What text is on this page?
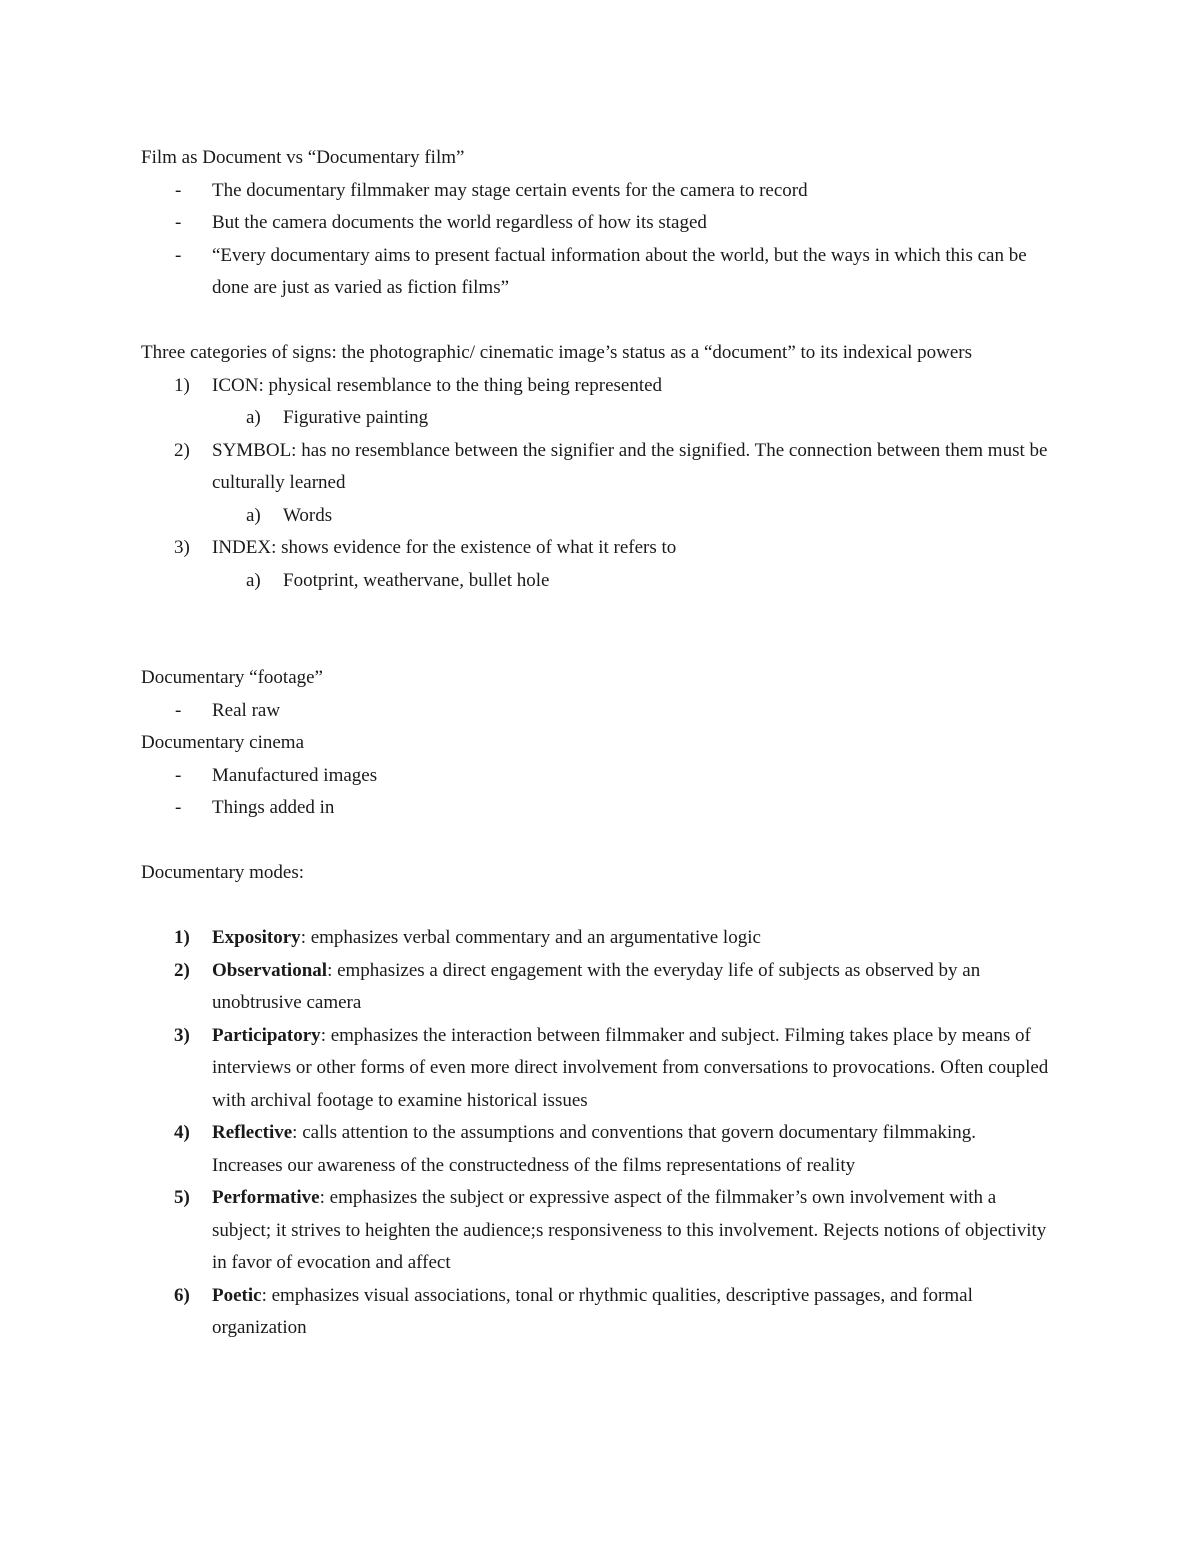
Film as Document vs “Documentary film”
- The documentary filmmaker may stage certain events for the camera to record
- But the camera documents the world regardless of how its staged
- “Every documentary aims to present factual information about the world, but the ways in which this can be done are just as varied as fiction films”
Three categories of signs: the photographic/ cinematic image’s status as a “document” to its indexical powers
1) ICON: physical resemblance to the thing being represented
a) Figurative painting
2) SYMBOL: has no resemblance between the signifier and the signified. The connection between them must be culturally learned
a) Words
3) INDEX: shows evidence for the existence of what it refers to
a) Footprint, weathervane, bullet hole
Documentary “footage”
- Real raw
Documentary cinema
- Manufactured images
- Things added in
Documentary modes:
1) Expository: emphasizes verbal commentary and an argumentative logic
2) Observational: emphasizes a direct engagement with the everyday life of subjects as observed by an unobtrusive camera
3) Participatory: emphasizes the interaction between filmmaker and subject. Filming takes place by means of interviews or other forms of even more direct involvement from conversations to provocations. Often coupled with archival footage to examine historical issues
4) Reflective: calls attention to the assumptions and conventions that govern documentary filmmaking. Increases our awareness of the constructedness of the films representations of reality
5) Performative: emphasizes the subject or expressive aspect of the filmmaker’s own involvement with a subject; it strives to heighten the audience;s responsiveness to this involvement. Rejects notions of objectivity in favor of evocation and affect
6) Poetic: emphasizes visual associations, tonal or rhythmic qualities, descriptive passages, and formal organization
